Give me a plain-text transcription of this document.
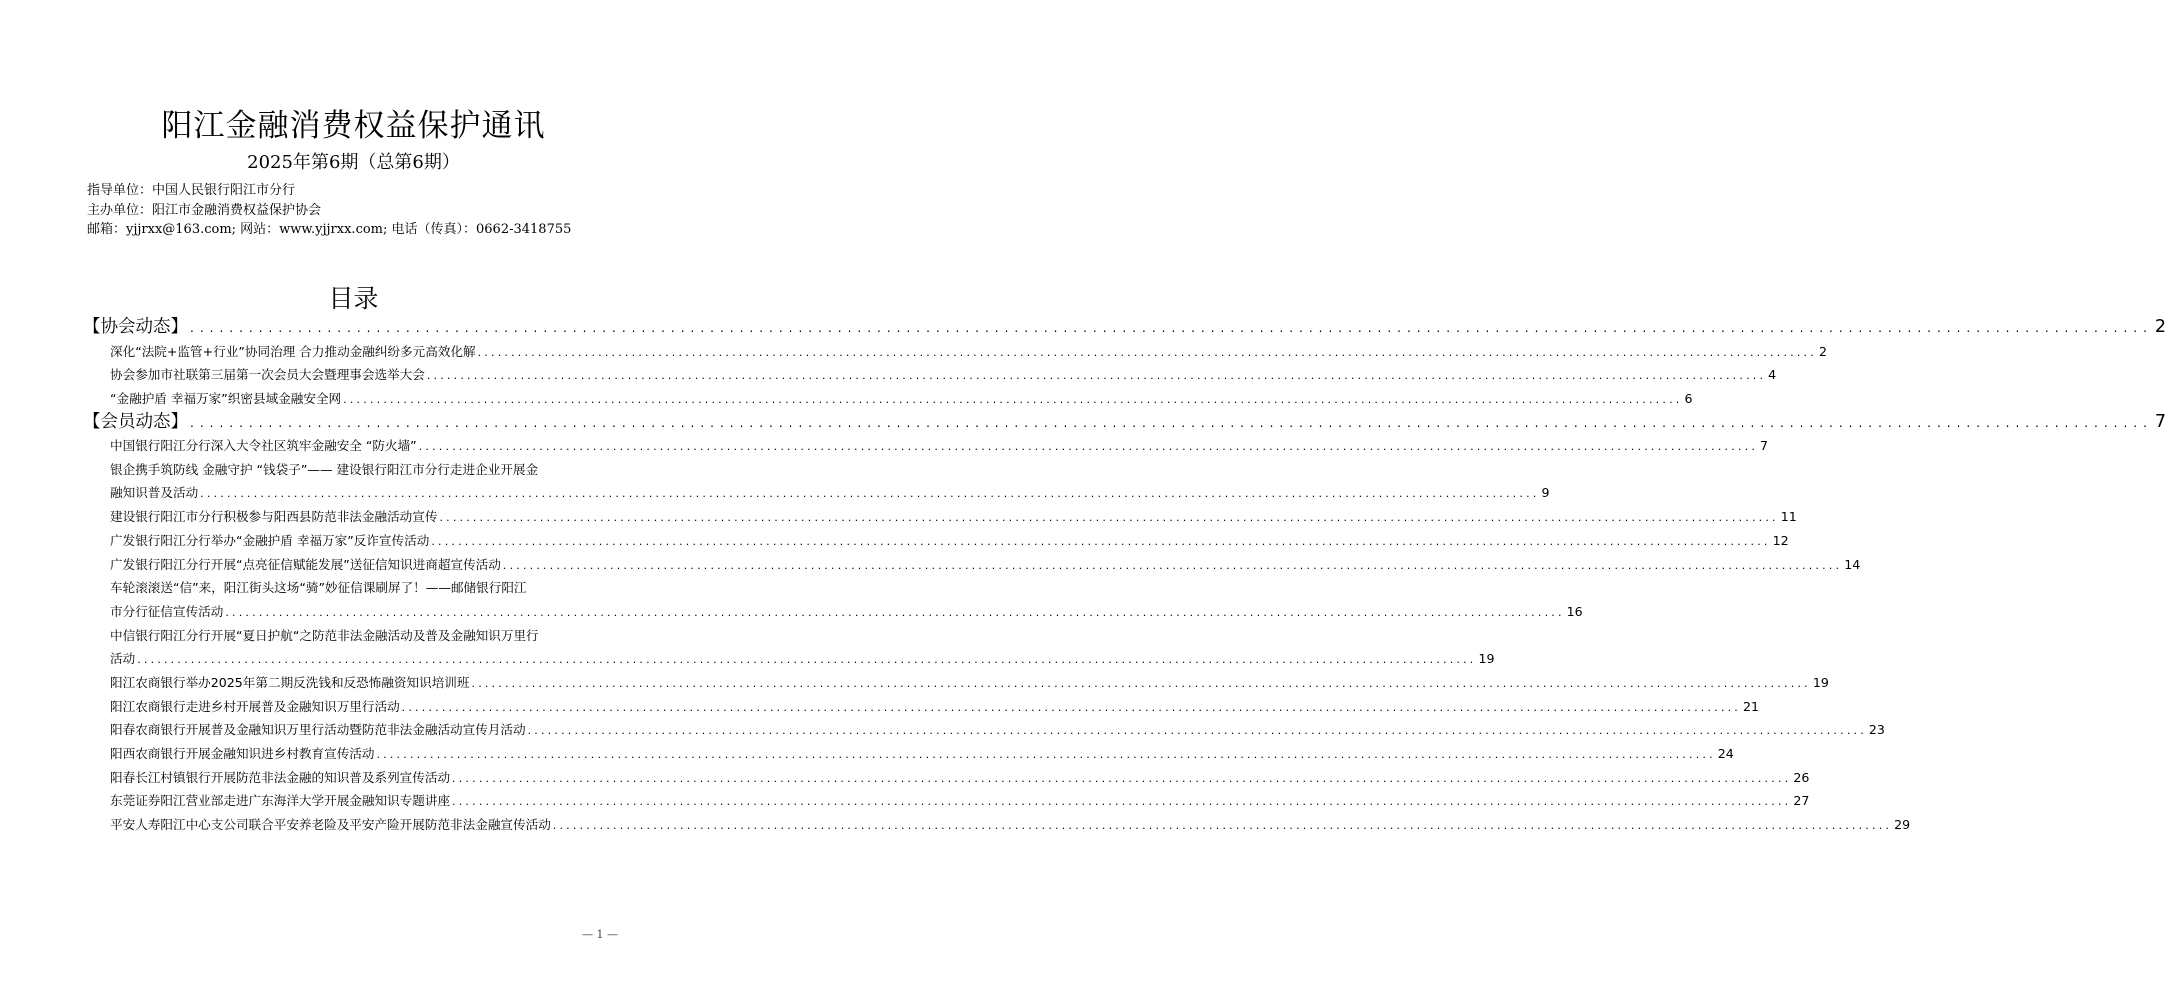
阳江金融消费权益保护通讯
2025年第6期（总第6期）
指导单位：中国人民银行阳江市分行
主办单位：阳江市金融消费权益保护协会
邮箱：yjjrxx@163.com; 网站：www.yjjrxx.com; 电话（传真）：0662-3418755
目录
【协会动态】 ........................................................................................................................................................................................................ 2
深化“法院+监管+行业”协同治理 合力推动金融纠纷多元高效化解 ........................................................................................................................................................................................................ 2
协会参加市社联第三届第一次会员大会暨理事会选举大会 ........................................................................................................................................................................................................ 4
“金融护盾 幸福万家”织密县域金融安全网 ........................................................................................................................................................................................................ 6
【会员动态】 ........................................................................................................................................................................................................ 7
中国银行阳江分行深入大令社区筑牢金融安全 “防火墙” ........................................................................................................................................................................................................ 7
银企携手筑防线 金融守护 “钱袋子”—— 建设银行阳江市分行走进企业开展金
融知识普及活动 ........................................................................................................................................................................................................ 9
建设银行阳江市分行积极参与阳西县防范非法金融活动宣传 ........................................................................................................................................................................................................ 11
广发银行阳江分行举办“金融护盾 幸福万家”反诈宣传活动 ........................................................................................................................................................................................................ 12
广发银行阳江分行开展“点亮征信赋能发展”送征信知识进商超宣传活动 ........................................................................................................................................................................................................ 14
车轮滚滚送“信”来，阳江街头这场“骑”妙征信课刷屏了！——邮储银行阳江
市分行征信宣传活动 ........................................................................................................................................................................................................ 16
中信银行阳江分行开展“夏日护航“之防范非法金融活动及普及金融知识万里行
活动 ........................................................................................................................................................................................................ 19
阳江农商银行举办2025年第二期反洗钱和反恐怖融资知识培训班 ........................................................................................................................................................................................................ 19
阳江农商银行走进乡村开展普及金融知识万里行活动 ........................................................................................................................................................................................................ 21
阳春农商银行开展普及金融知识万里行活动暨防范非法金融活动宣传月活动 ........................................................................................................................................................................................................ 23
阳西农商银行开展金融知识进乡村教育宣传活动 ........................................................................................................................................................................................................ 24
阳春长江村镇银行开展防范非法金融的知识普及系列宣传活动 ........................................................................................................................................................................................................ 26
东莞证券阳江营业部走进广东海洋大学开展金融知识专题讲座 ........................................................................................................................................................................................................ 27
平安人寿阳江中心支公司联合平安养老险及平安产险开展防范非法金融宣传活动 ........................................................................................................................................................................................................ 29
— 1 —
